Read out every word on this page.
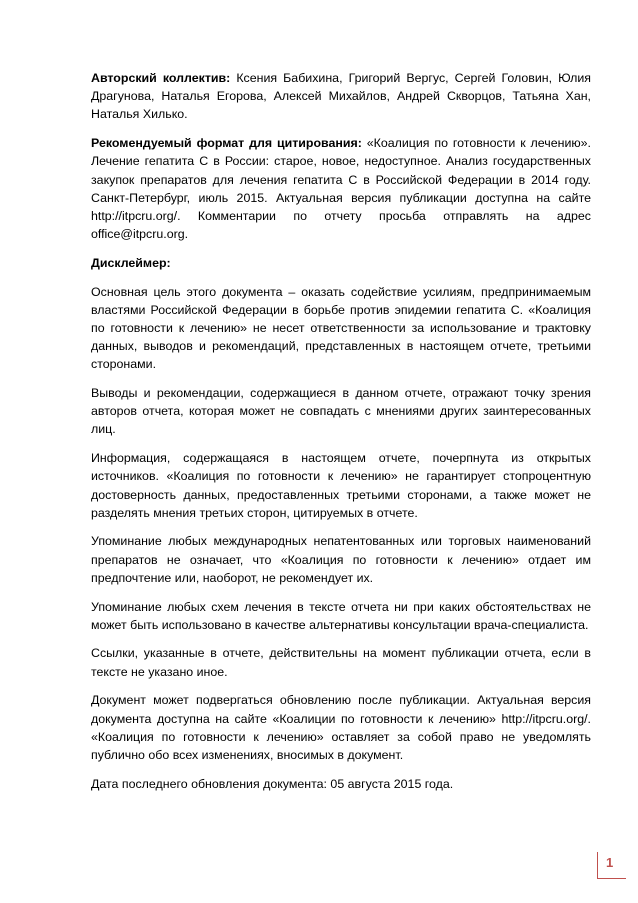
Авторский коллектив: Ксения Бабихина, Григорий Вергус, Сергей Головин, Юлия Драгунова, Наталья Егорова, Алексей Михайлов, Андрей Скворцов, Татьяна Хан, Наталья Хилько.

Рекомендуемый формат для цитирования: «Коалиция по готовности к лечению». Лечение гепатита С в России: старое, новое, недоступное. Анализ государственных закупок препаратов для лечения гепатита С в Российской Федерации в 2014 году. Санкт-Петербург, июль 2015. Актуальная версия публикации доступна на сайте http://itpcru.org/. Комментарии по отчету просьба отправлять на адрес office@itpcru.org.

Дисклеймер:

Основная цель этого документа – оказать содействие усилиям, предпринимаемым властями Российской Федерации в борьбе против эпидемии гепатита С. «Коалиция по готовности к лечению» не несет ответственности за использование и трактовку данных, выводов и рекомендаций, представленных в настоящем отчете, третьими сторонами.

Выводы и рекомендации, содержащиеся в данном отчете, отражают точку зрения авторов отчета, которая может не совпадать с мнениями других заинтересованных лиц.

Информация, содержащаяся в настоящем отчете, почерпнута из открытых источников. «Коалиция по готовности к лечению» не гарантирует стопроцентную достоверность данных, предоставленных третьими сторонами, а также может не разделять мнения третьих сторон, цитируемых в отчете.

Упоминание любых международных непатентованных или торговых наименований препаратов не означает, что «Коалиция по готовности к лечению» отдает им предпочтение или, наоборот, не рекомендует их.

Упоминание любых схем лечения в тексте отчета ни при каких обстоятельствах не может быть использовано в качестве альтернативы консультации врача-специалиста.

Ссылки, указанные в отчете, действительны на момент публикации отчета, если в тексте не указано иное.

Документ может подвергаться обновлению после публикации. Актуальная версия документа доступна на сайте «Коалиции по готовности к лечению» http://itpcru.org/. «Коалиция по готовности к лечению» оставляет за собой право не уведомлять публично обо всех изменениях, вносимых в документ.

Дата последнего обновления документа: 05 августа 2015 года.

1
